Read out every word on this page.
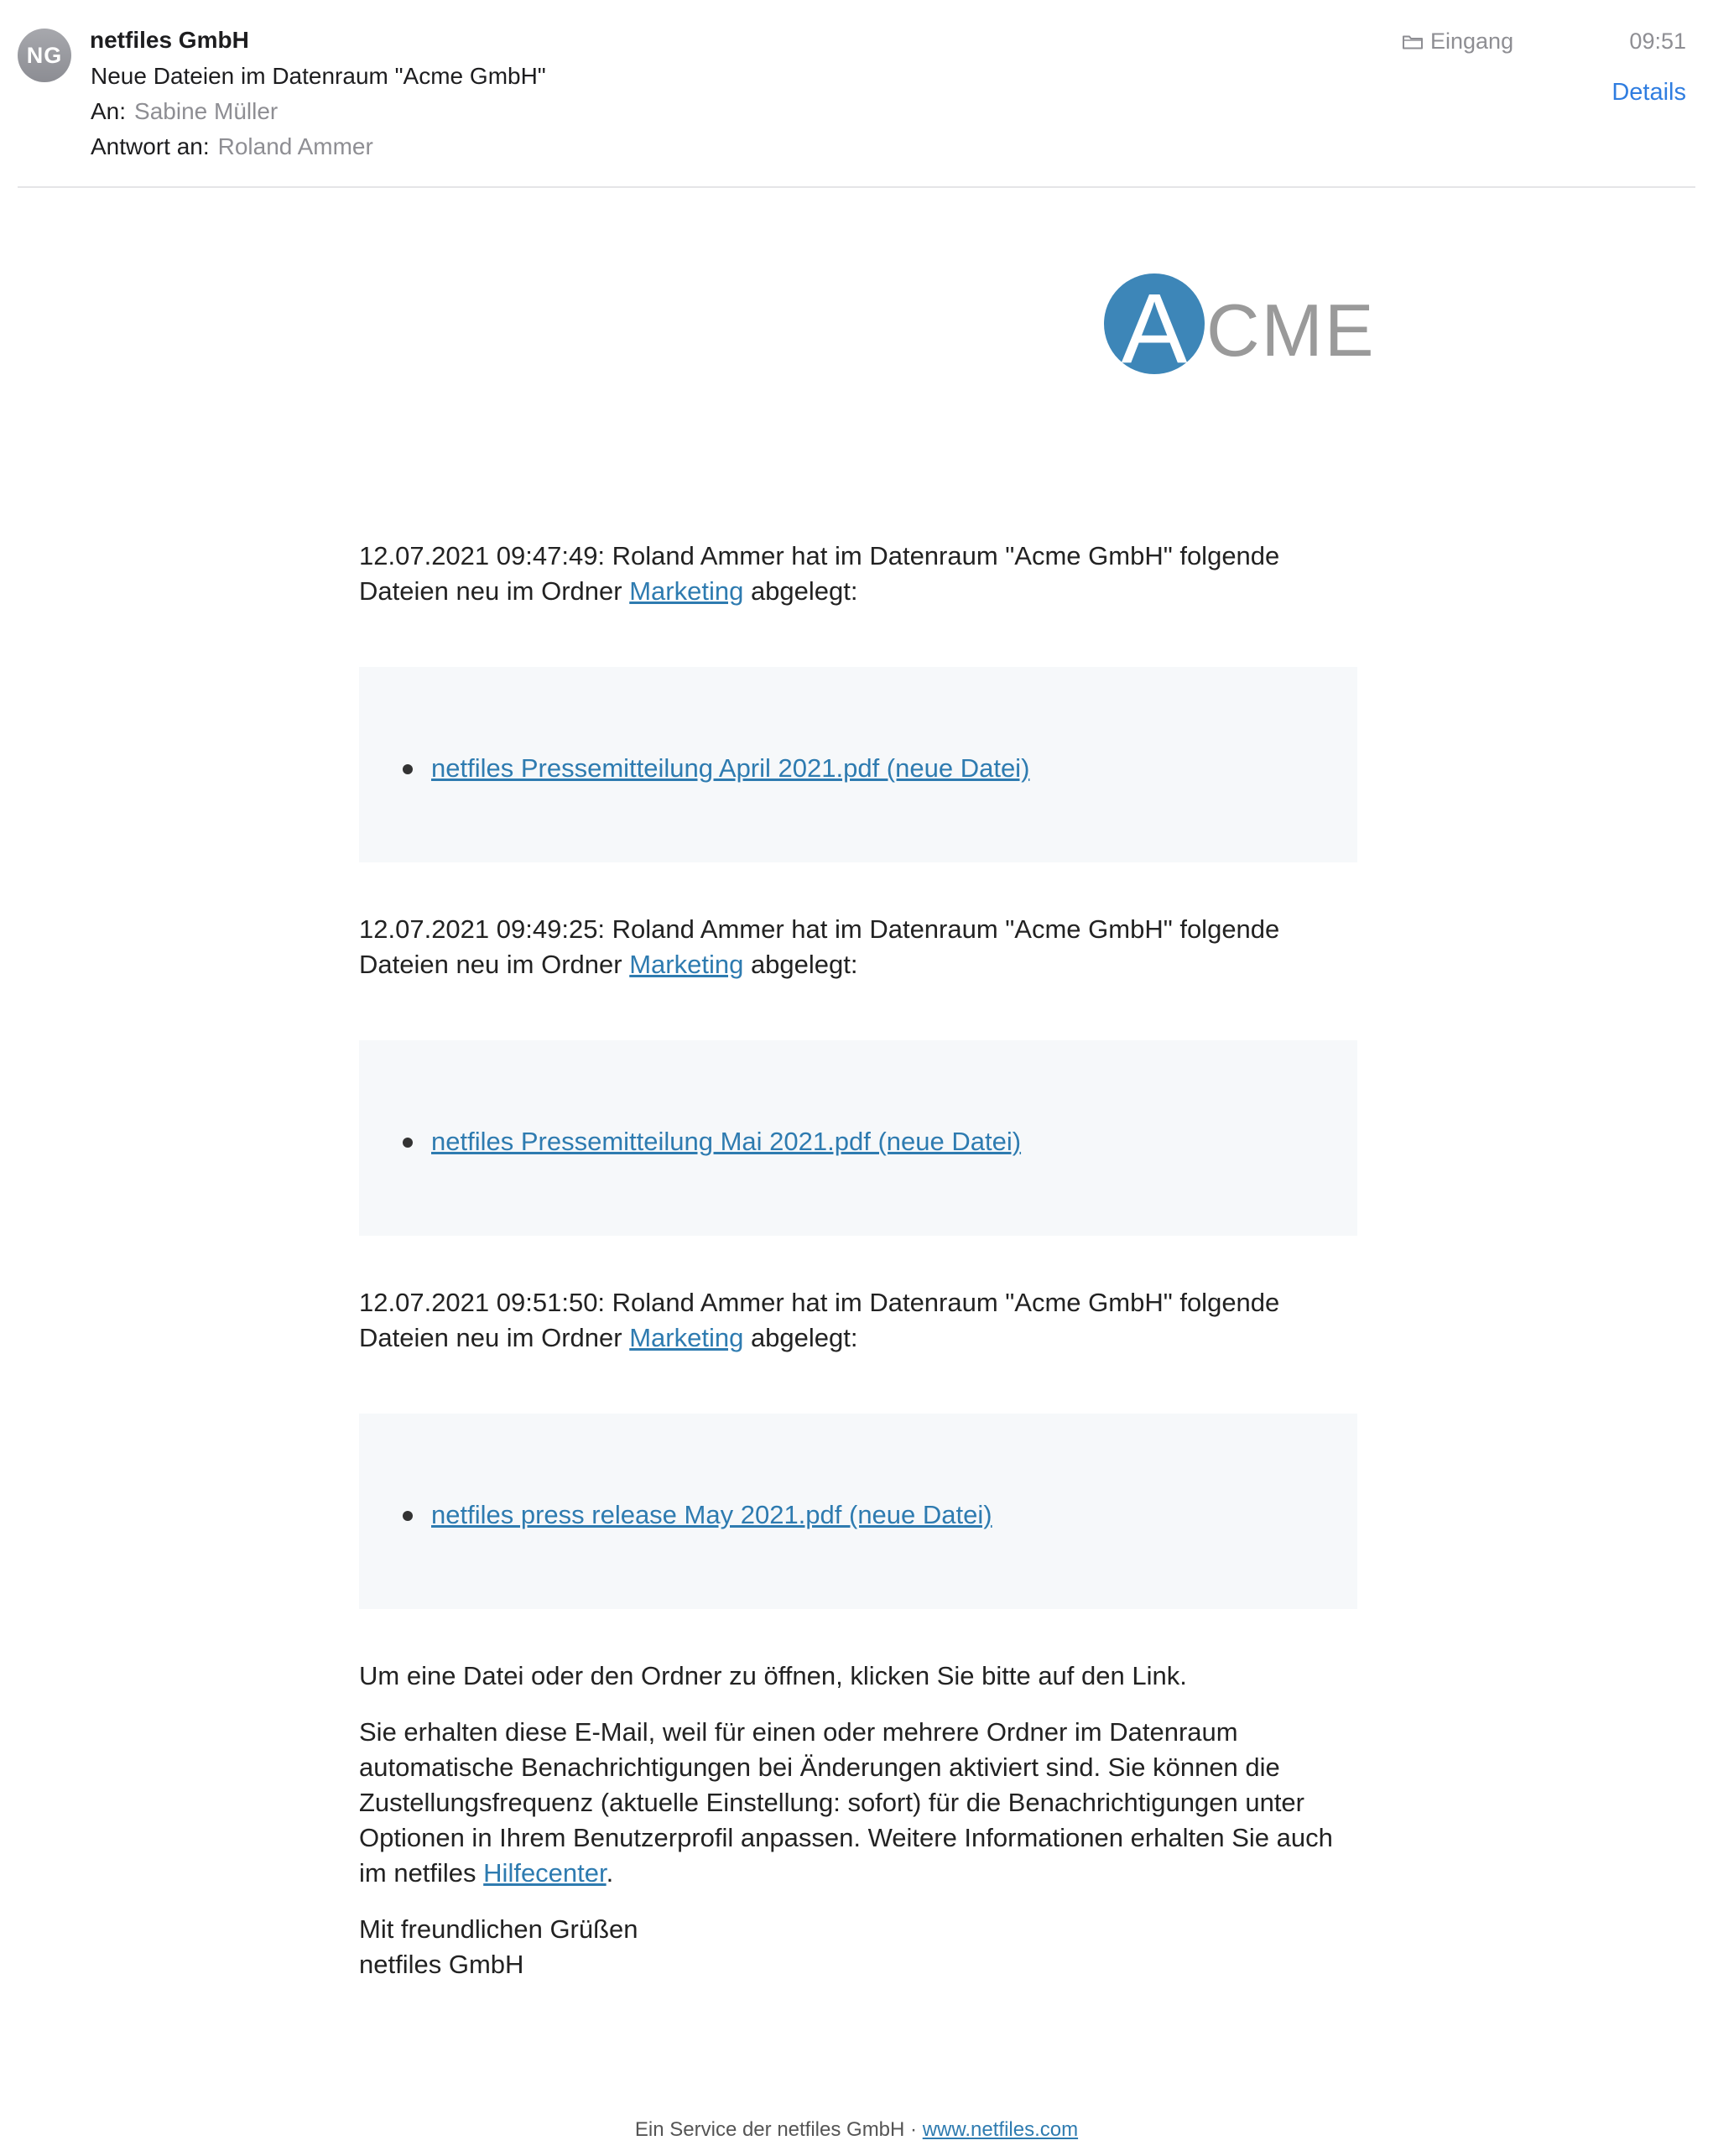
NG
netfiles GmbH
Neue Dateien im Datenraum "Acme GmbH"
An: Sabine Müller
Antwort an: Roland Ammer
Eingang	09:51
Details
A CME
12.07.2021 09:47:49: Roland Ammer hat im Datenraum "Acme GmbH" folgende Dateien neu im Ordner Marketing abgelegt:
netfiles Pressemitteilung April 2021.pdf (neue Datei)
12.07.2021 09:49:25: Roland Ammer hat im Datenraum "Acme GmbH" folgende Dateien neu im Ordner Marketing abgelegt:
netfiles Pressemitteilung Mai 2021.pdf (neue Datei)
12.07.2021 09:51:50: Roland Ammer hat im Datenraum "Acme GmbH" folgende Dateien neu im Ordner Marketing abgelegt:
netfiles press release May 2021.pdf (neue Datei)

Um eine Datei oder den Ordner zu öffnen, klicken Sie bitte auf den Link.

Sie erhalten diese E-Mail, weil für einen oder mehrere Ordner im Datenraum automatische Benachrichtigungen bei Änderungen aktiviert sind. Sie können die Zustellungsfrequenz (aktuelle Einstellung: sofort) für die Benachrichtigungen unter Optionen in Ihrem Benutzerprofil anpassen. Weitere Informationen erhalten Sie auch im netfiles Hilfecenter.

Mit freundlichen Grüßen
netfiles GmbH

Ein Service der netfiles GmbH · www.netfiles.com
